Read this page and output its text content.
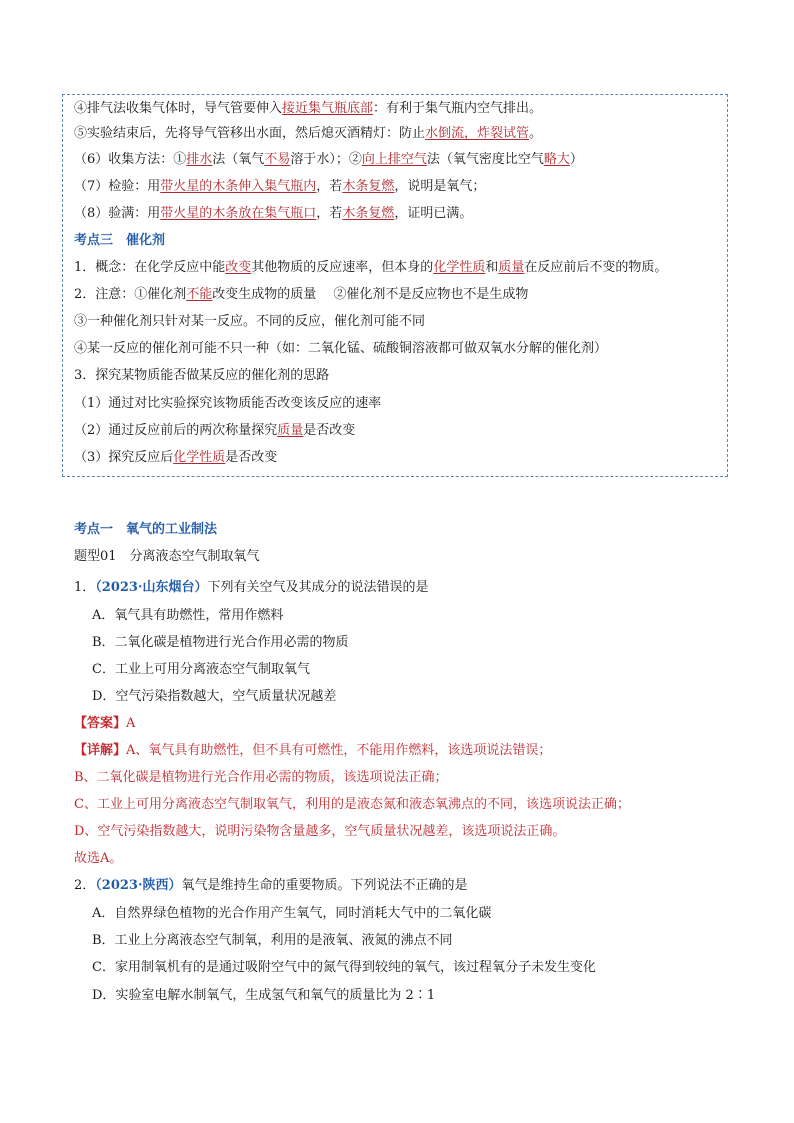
④排气法收集气体时，导气管要伸入接近集气瓶底部：有利于集气瓶内空气排出。
⑤实验结束后，先将导气管移出水面，然后熄灭酒精灯：防止水倒流，炸裂试管。
（6）收集方法：①排水法（氧气不易溶于水）；②向上排空气法（氧气密度比空气略大）
（7）检验：用带火星的木条伸入集气瓶内，若木条复燃，说明是氧气；
（8）验满：用带火星的木条放在集气瓶口，若木条复燃，证明已满。
考点三　催化剂
1．概念：在化学反应中能改变其他物质的反应速率，但本身的化学性质和质量在反应前后不变的物质。
2．注意：①催化剂不能改变生成物的质量　 ②催化剂不是反应物也不是生成物
③一种催化剂只针对某一反应。不同的反应，催化剂可能不同
④某一反应的催化剂可能不只一种（如：二氧化锰、硫酸铜溶液都可做双氧水分解的催化剂）
3．探究某物质能否做某反应的催化剂的思路
（1）通过对比实验探究该物质能否改变该反应的速率
（2）通过反应前后的两次称量探究质量是否改变
（3）探究反应后化学性质是否改变
考点一　氧气的工业制法
题型01　分离液态空气制取氧气
1．（2023·山东烟台）下列有关空气及其成分的说法错误的是
A．氧气具有助燃性，常用作燃料
B．二氧化碳是植物进行光合作用必需的物质
C．工业上可用分离液态空气制取氧气
D．空气污染指数越大，空气质量状况越差
【答案】A
【详解】A、氧气具有助燃性，但不具有可燃性，不能用作燃料，该选项说法错误；
B、二氧化碳是植物进行光合作用必需的物质，该选项说法正确；
C、工业上可用分离液态空气制取氧气，利用的是液态氮和液态氧沸点的不同，该选项说法正确；
D、空气污染指数越大，说明污染物含量越多，空气质量状况越差，该选项说法正确。
故选A。
2．（2023·陕西）氧气是维持生命的重要物质。下列说法不正确的是
A．自然界绿色植物的光合作用产生氧气，同时消耗大气中的二氧化碳
B．工业上分离液态空气制氧，利用的是液氧、液氮的沸点不同
C．家用制氧机有的是通过吸附空气中的氮气得到较纯的氧气，该过程氧分子未发生变化
D．实验室电解水制氧气，生成氢气和氧气的质量比为 2∶1
